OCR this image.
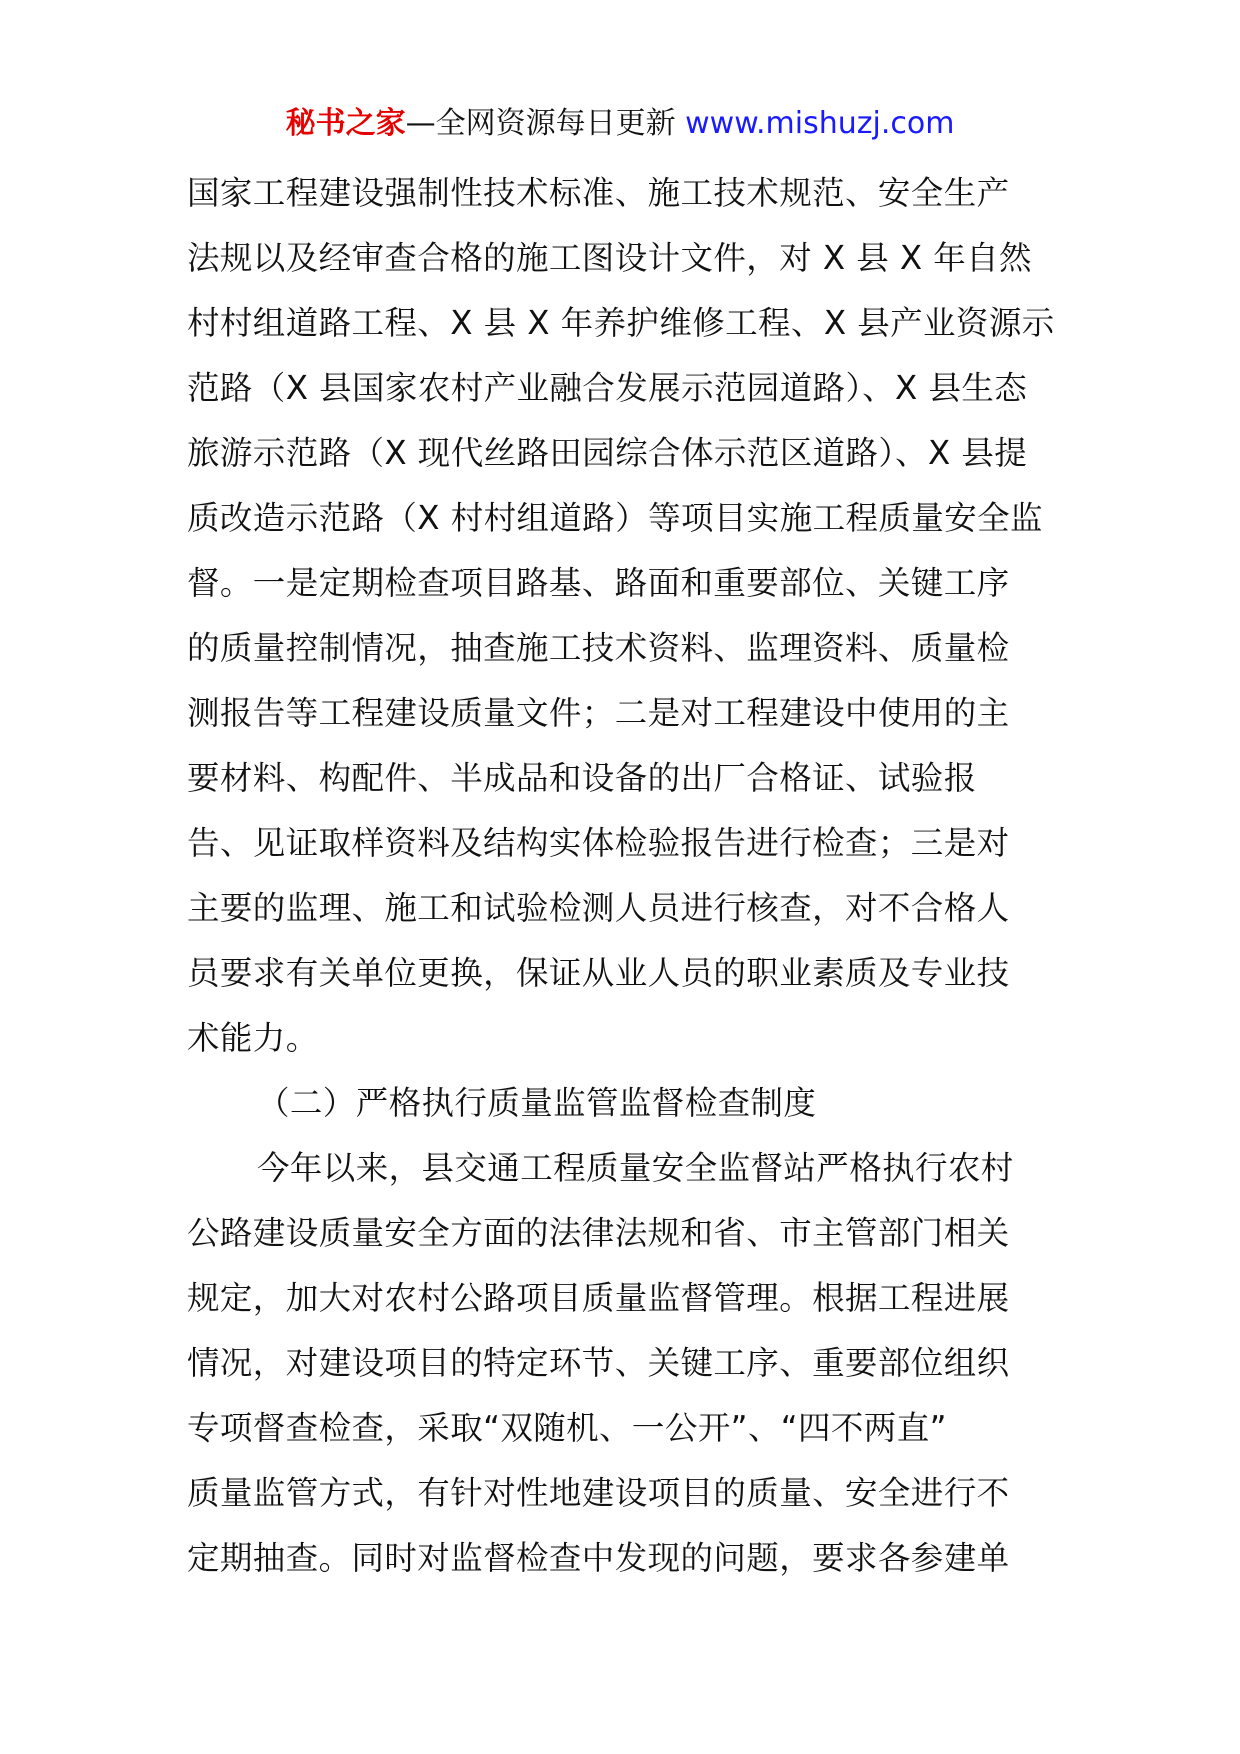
秘书之家—全网资源每日更新 www.mishuzj.com
国家工程建设强制性技术标准、施工技术规范、安全生产
法规以及经审查合格的施工图设计文件，对 X 县 X 年自然
村村组道路工程、X 县 X 年养护维修工程、X 县产业资源示
范路（X 县国家农村产业融合发展示范园道路）、X 县生态
旅游示范路（X 现代丝路田园综合体示范区道路）、X 县提
质改造示范路（X 村村组道路）等项目实施工程质量安全监
督。一是定期检查项目路基、路面和重要部位、关键工序
的质量控制情况，抽查施工技术资料、监理资料、质量检
测报告等工程建设质量文件；二是对工程建设中使用的主
要材料、构配件、半成品和设备的出厂合格证、试验报
告、见证取样资料及结构实体检验报告进行检查；三是对
主要的监理、施工和试验检测人员进行核查，对不合格人
员要求有关单位更换，保证从业人员的职业素质及专业技
术能力。
（二）严格执行质量监管监督检查制度
今年以来，县交通工程质量安全监督站严格执行农村
公路建设质量安全方面的法律法规和省、市主管部门相关
规定，加大对农村公路项目质量监督管理。根据工程进展
情况，对建设项目的特定环节、关键工序、重要部位组织
专项督查检查，采取“双随机、一公开”、“四不两直”
质量监管方式，有针对性地建设项目的质量、安全进行不
定期抽查。同时对监督检查中发现的问题，要求各参建单
